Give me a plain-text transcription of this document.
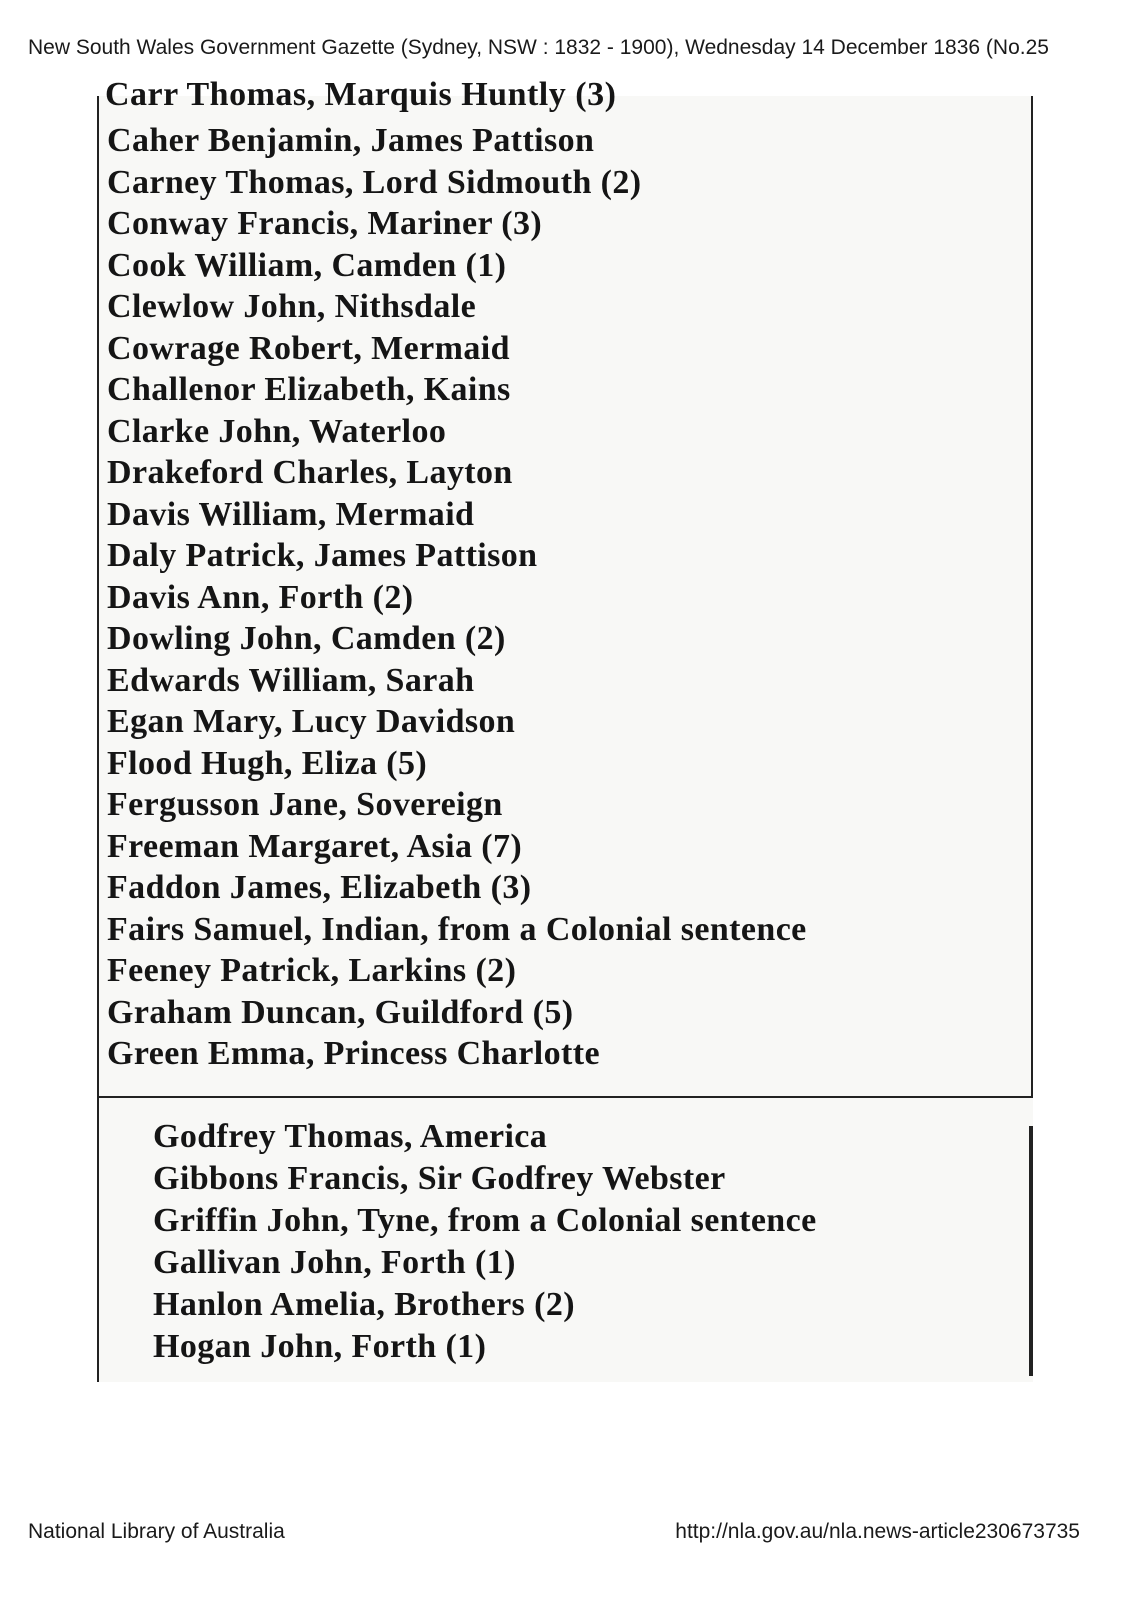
New South Wales Government Gazette (Sydney, NSW : 1832 - 1900), Wednesday 14 December 1836 (No.25
Carr Thomas, Marquis Huntly (3)
Caher Benjamin, James Pattison
Carney Thomas, Lord Sidmouth (2)
Conway Francis, Mariner (3)
Cook William, Camden (1)
Clewlow John, Nithsdale
Cowrage Robert, Mermaid
Challenor Elizabeth, Kains
Clarke John, Waterloo
Drakeford Charles, Layton
Davis William, Mermaid
Daly Patrick, James Pattison
Davis Ann, Forth (2)
Dowling John, Camden (2)
Edwards William, Sarah
Egan Mary, Lucy Davidson
Flood Hugh, Eliza (5)
Fergusson Jane, Sovereign
Freeman Margaret, Asia (7)
Faddon James, Elizabeth (3)
Fairs Samuel, Indian, from a Colonial sentence
Feeney Patrick, Larkins (2)
Graham Duncan, Guildford (5)
Green Emma, Princess Charlotte
Godfrey Thomas, America
Gibbons Francis, Sir Godfrey Webster
Griffin John, Tyne, from a Colonial sentence
Gallivan John, Forth (1)
Hanlon Amelia, Brothers (2)
Hogan John, Forth (1)
National Library of Australia	http://nla.gov.au/nla.news-article230673735
